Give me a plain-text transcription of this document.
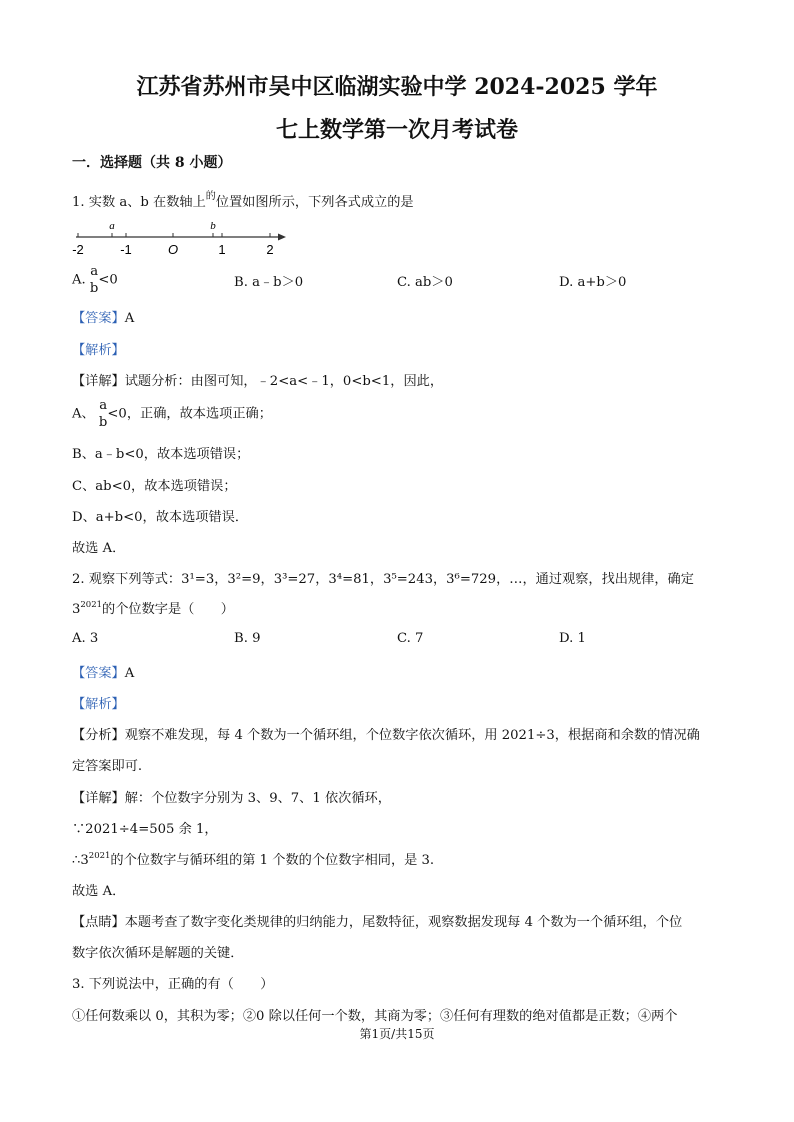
江苏省苏州市吴中区临湖实验中学 2024-2025 学年
七上数学第一次月考试卷
一．选择题（共 8 小题）
1. 实数 a、b 在数轴上$^的$位置如图所示，下列各式成立的是
a	b
-2	-1	O	1	2
A.
a
b
<0	B. a﹣b＞0	C. ab＞0	D. a+b＞0
【答案】A
【解析】
【详解】试题分析：由图可知，﹣2<a<﹣1，0<b<1，因此，
A、
a
b
<0，正确，故本选项正确；
B、a﹣b<0，故本选项错误；
C、ab<0，故本选项错误；
D、a+b<0，故本选项错误．
故选 A．
2. 观察下列等式：3¹=3，3²=9，3³=27，3⁴=81，3⁵=243，3⁶=729，…，通过观察，找出规律，确定
$3^{2021}$的个位数字是（　　）
A. 3	B. 9	C. 7	D. 1
【答案】A
【解析】
【分析】观察不难发现，每 4 个数为一个循环组，个位数字依次循环，用 2021÷3，根据商和余数的情况确
定答案即可.
【详解】解：个位数字分别为 3、9、7、1 依次循环，
∵2021÷4=505 余 1，
$\therefore 3^{2021}$的个位数字与循环组的第 1 个数的个位数字相同，是 3.
故选 A．
【点睛】本题考查了数字变化类规律的归纳能力，尾数特征，观察数据发现每 4 个数为一个循环组，个位
数字依次循环是解题的关键．
3. 下列说法中，正确的有（　　）
①任何数乘以 0，其积为零；②0 除以任何一个数，其商为零；③任何有理数的绝对值都是正数；④两个
第1页/共15页
